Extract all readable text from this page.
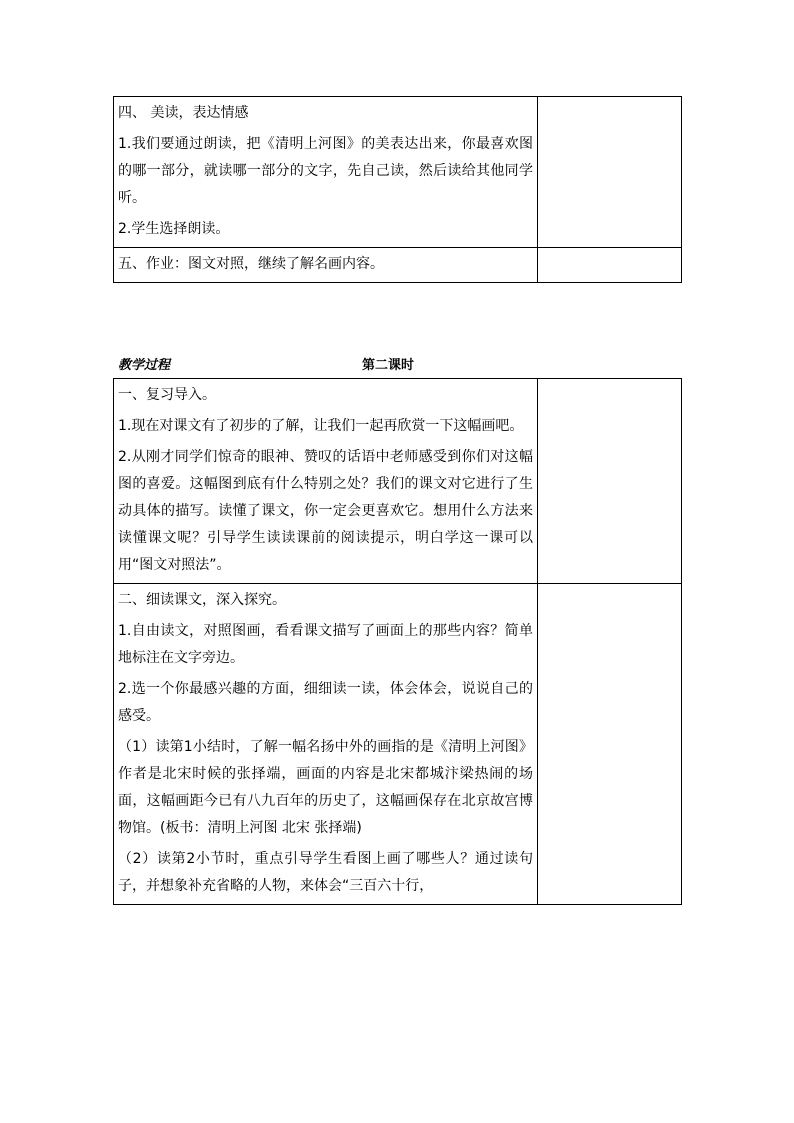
四、 美读，表达情感

1.我们要通过朗读，把《清明上河图》的美表达出来，你最喜欢图的哪一部分，就读哪一部分的文字，先自己读，然后读给其他同学听。

2.学生选择朗读。	

五、作业：图文对照，继续了解名画内容。	

教学过程	第二课时

一、复习导入。

1.现在对课文有了初步的了解，让我们一起再欣赏一下这幅画吧。

2.从刚才同学们惊奇的眼神、赞叹的话语中老师感受到你们对这幅图的喜爱。这幅图到底有什么特别之处？我们的课文对它进行了生动具体的描写。读懂了课文，你一定会更喜欢它。想用什么方法来读懂课文呢？引导学生读读课前的阅读提示，明白学这一课可以用“图文对照法”。	

二、细读课文，深入探究。

1.自由读文，对照图画，看看课文描写了画面上的那些内容？简单地标注在文字旁边。

2.选一个你最感兴趣的方面，细细读一读，体会体会，说说自己的感受。

（1）读第1小结时，了解一幅名扬中外的画指的是《清明上河图》 作者是北宋时候的张择端，画面的内容是北宋都城汴梁热闹的场面，这幅画距今已有八九百年的历史了，这幅画保存在北京故宫博物馆。(板书：清明上河图 北宋 张择端)

（2）读第2小节时，重点引导学生看图上画了哪些人？通过读句子，并想象补充省略的人物，来体会“三百六十行，	
